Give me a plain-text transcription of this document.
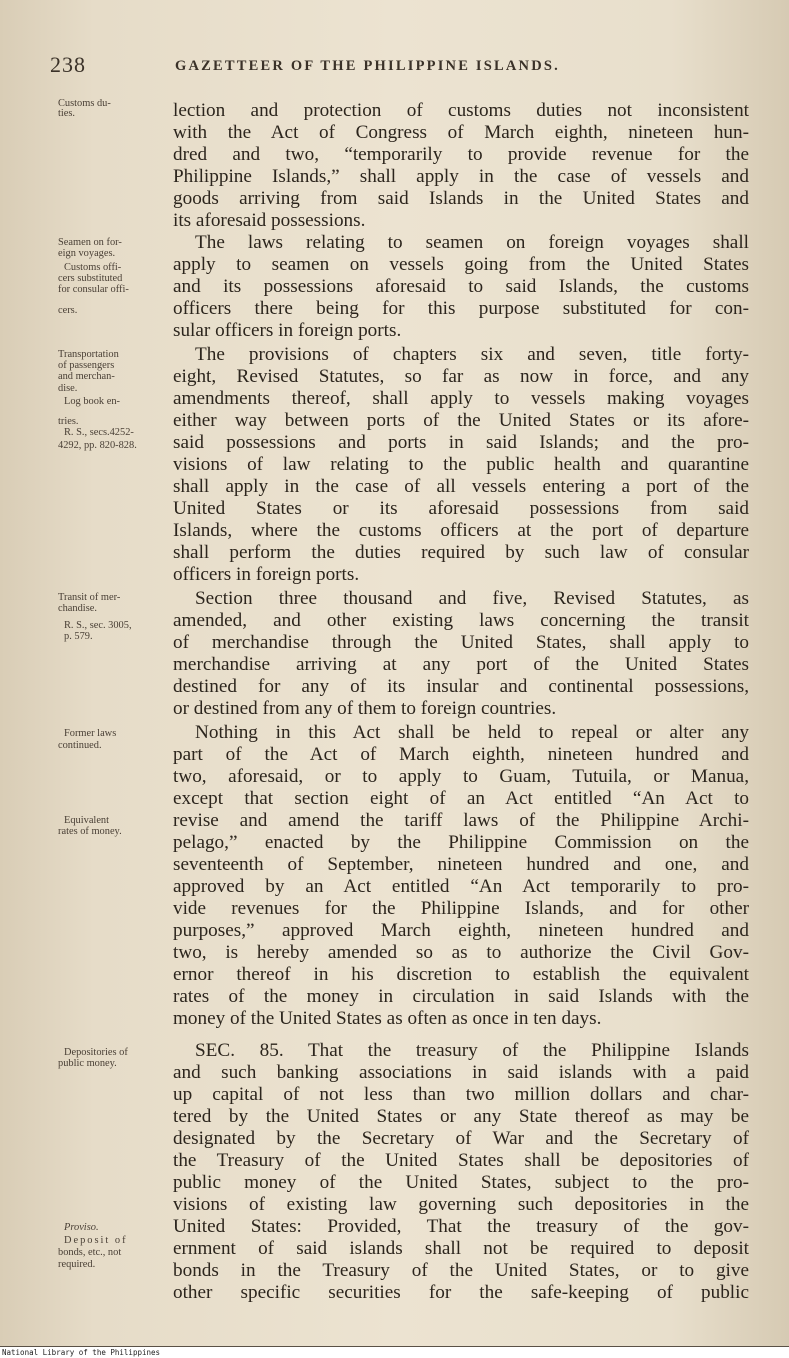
238	GAZETTEER OF THE PHILIPPINE ISLANDS.
Customs du-
ties.
Seamen on for-
eign voyages.
Customs offi-
cers substituted
for consular offi-
cers.
Transportation
of passengers
and merchan-
dise.
Log book en-
tries.
R. S., secs.4252-
4292, pp. 820-828.
Transit of mer-
chandise.
R. S., sec. 3005,
p. 579.
Former laws
continued.
Equivalent
rates of money.
Depositories of
public money.
Proviso.
Deposit of
bonds, etc., not
required.
lection and protection of customs duties not inconsistent
with the Act of Congress of March eighth, nineteen hun-
dred and two, “temporarily to provide revenue for the
Philippine Islands,” shall apply in the case of vessels and
goods arriving from said Islands in the United States and
its aforesaid possessions.
The laws relating to seamen on foreign voyages shall
apply to seamen on vessels going from the United States
and its possessions aforesaid to said Islands, the customs
officers there being for this purpose substituted for con-
sular officers in foreign ports.
The provisions of chapters six and seven, title forty-
eight, Revised Statutes, so far as now in force, and any
amendments thereof, shall apply to vessels making voyages
either way between ports of the United States or its afore-
said possessions and ports in said Islands; and the pro-
visions of law relating to the public health and quarantine
shall apply in the case of all vessels entering a port of the
United States or its aforesaid possessions from said
Islands, where the customs officers at the port of departure
shall perform the duties required by such law of consular
officers in foreign ports.
Section three thousand and five, Revised Statutes, as
amended, and other existing laws concerning the transit
of merchandise through the United States, shall apply to
merchandise arriving at any port of the United States
destined for any of its insular and continental possessions,
or destined from any of them to foreign countries.
Nothing in this Act shall be held to repeal or alter any
part of the Act of March eighth, nineteen hundred and
two, aforesaid, or to apply to Guam, Tutuila, or Manua,
except that section eight of an Act entitled “An Act to
revise and amend the tariff laws of the Philippine Archi-
pelago,” enacted by the Philippine Commission on the
seventeenth of September, nineteen hundred and one, and
approved by an Act entitled “An Act temporarily to pro-
vide revenues for the Philippine Islands, and for other
purposes,” approved March eighth, nineteen hundred and
two, is hereby amended so as to authorize the Civil Gov-
ernor thereof in his discretion to establish the equivalent
rates of the money in circulation in said Islands with the
money of the United States as often as once in ten days.
SEC. 85. That the treasury of the Philippine Islands
and such banking associations in said islands with a paid
up capital of not less than two million dollars and char-
tered by the United States or any State thereof as may be
designated by the Secretary of War and the Secretary of
the Treasury of the United States shall be depositories of
public money of the United States, subject to the pro-
visions of existing law governing such depositories in the
United States: Provided, That the treasury of the gov-
ernment of said islands shall not be required to deposit
bonds in the Treasury of the United States, or to give
other specific securities for the safe-keeping of public
National Library of the Philippines
